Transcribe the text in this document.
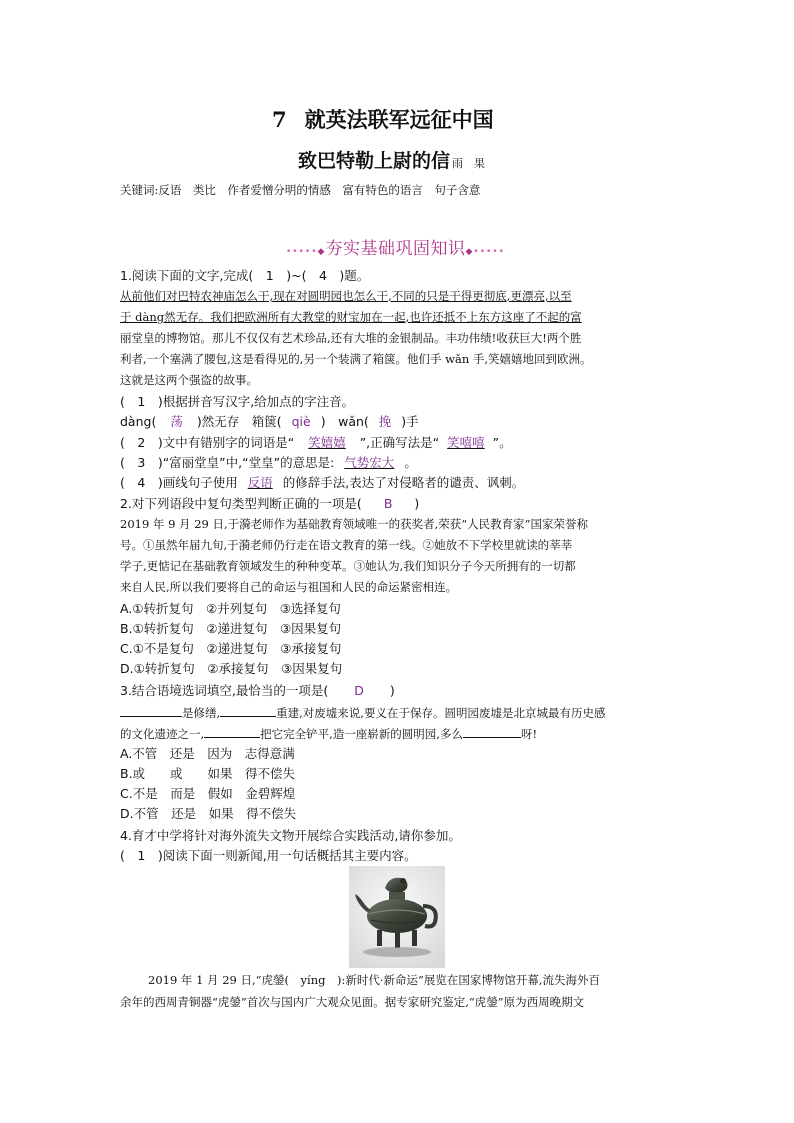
7 就英法联军远征中国
致巴特勒上尉的信 雨　果
关键词:反语　类比　作者爱憎分明的情感　富有特色的语言　句子含意
•••••◆夯实基础巩固知识◆•••••
1.阅读下面的文字,完成(　1　)~(　4　)题。
从前他们对巴特农神庙怎么干,现在对圆明园也怎么干,不同的只是干得更彻底,更漂亮,以至
于 dàng然无存。我们把欧洲所有大教堂的财宝加在一起,也许还抵不上东方这座了不起的富
丽堂皇的博物馆。那儿不仅仅有艺术珍品,还有大堆的金银制品。丰功伟绩!收获巨大!两个胜
利者,一个塞满了腰包,这是看得见的,另一个装满了箱箧。他们手 wǎn 手,笑嬉嬉地回到欧洲。
这就是这两个强盗的故事。
(　1　)根据拼音写汉字,给加点的字注音。
dàng( 荡 )然无存　箱箧( qiè )　wǎn( 挽 )手
(　2　)文中有错别字的词语是“ 笑嬉嬉 ”,正确写法是“ 笑嘻嘻 ”。
(　3　)“富丽堂皇”中,“堂皇”的意思是: 气势宏大 。
(　4　)画线句子使用 反语 的修辞手法,表达了对侵略者的谴责、讽刺。
2.对下列语段中复句类型判断正确的一项是( B )
2019 年 9 月 29 日,于漪老师作为基础教育领域唯一的获奖者,荣获“人民教育家”国家荣誉称
号。①虽然年届九旬,于漪老师仍行走在语文教育的第一线。②她放不下学校里就读的莘莘
学子,更惦记在基础教育领域发生的种种变革。③她认为,我们知识分子今天所拥有的一切都
来自人民,所以我们要将自己的命运与祖国和人民的命运紧密相连。
A.①转折复句　②并列复句　③选择复句
B.①转折复句　②递进复句　③因果复句
C.①不是复句　②递进复句　③承接复句
D.①转折复句　②承接复句　③因果复句
3.结合语境选词填空,最恰当的一项是( D )
是修缮,	重建,对废墟来说,要义在于保存。圆明园废墟是北京城最有历史感
的文化遗迹之一,	把它完全铲平,造一座崭新的圆明园,多么	呀!
A.不管　还是　因为　志得意满
B.或　　或　　如果　得不偿失
C.不是　而是　假如　金碧辉煌
D.不管　还是　如果　得不偿失
4.育才中学将针对海外流失文物开展综合实践活动,请你参加。
(　1　)阅读下面一则新闻,用一句话概括其主要内容。
2019 年 1 月 29 日,“虎鎣(　yíng　):新时代·新命运”展览在国家博物馆开幕,流失海外百
余年的西周青铜器“虎鎣”首次与国内广大观众见面。据专家研究鉴定,“虎鎣”原为西周晚期文
